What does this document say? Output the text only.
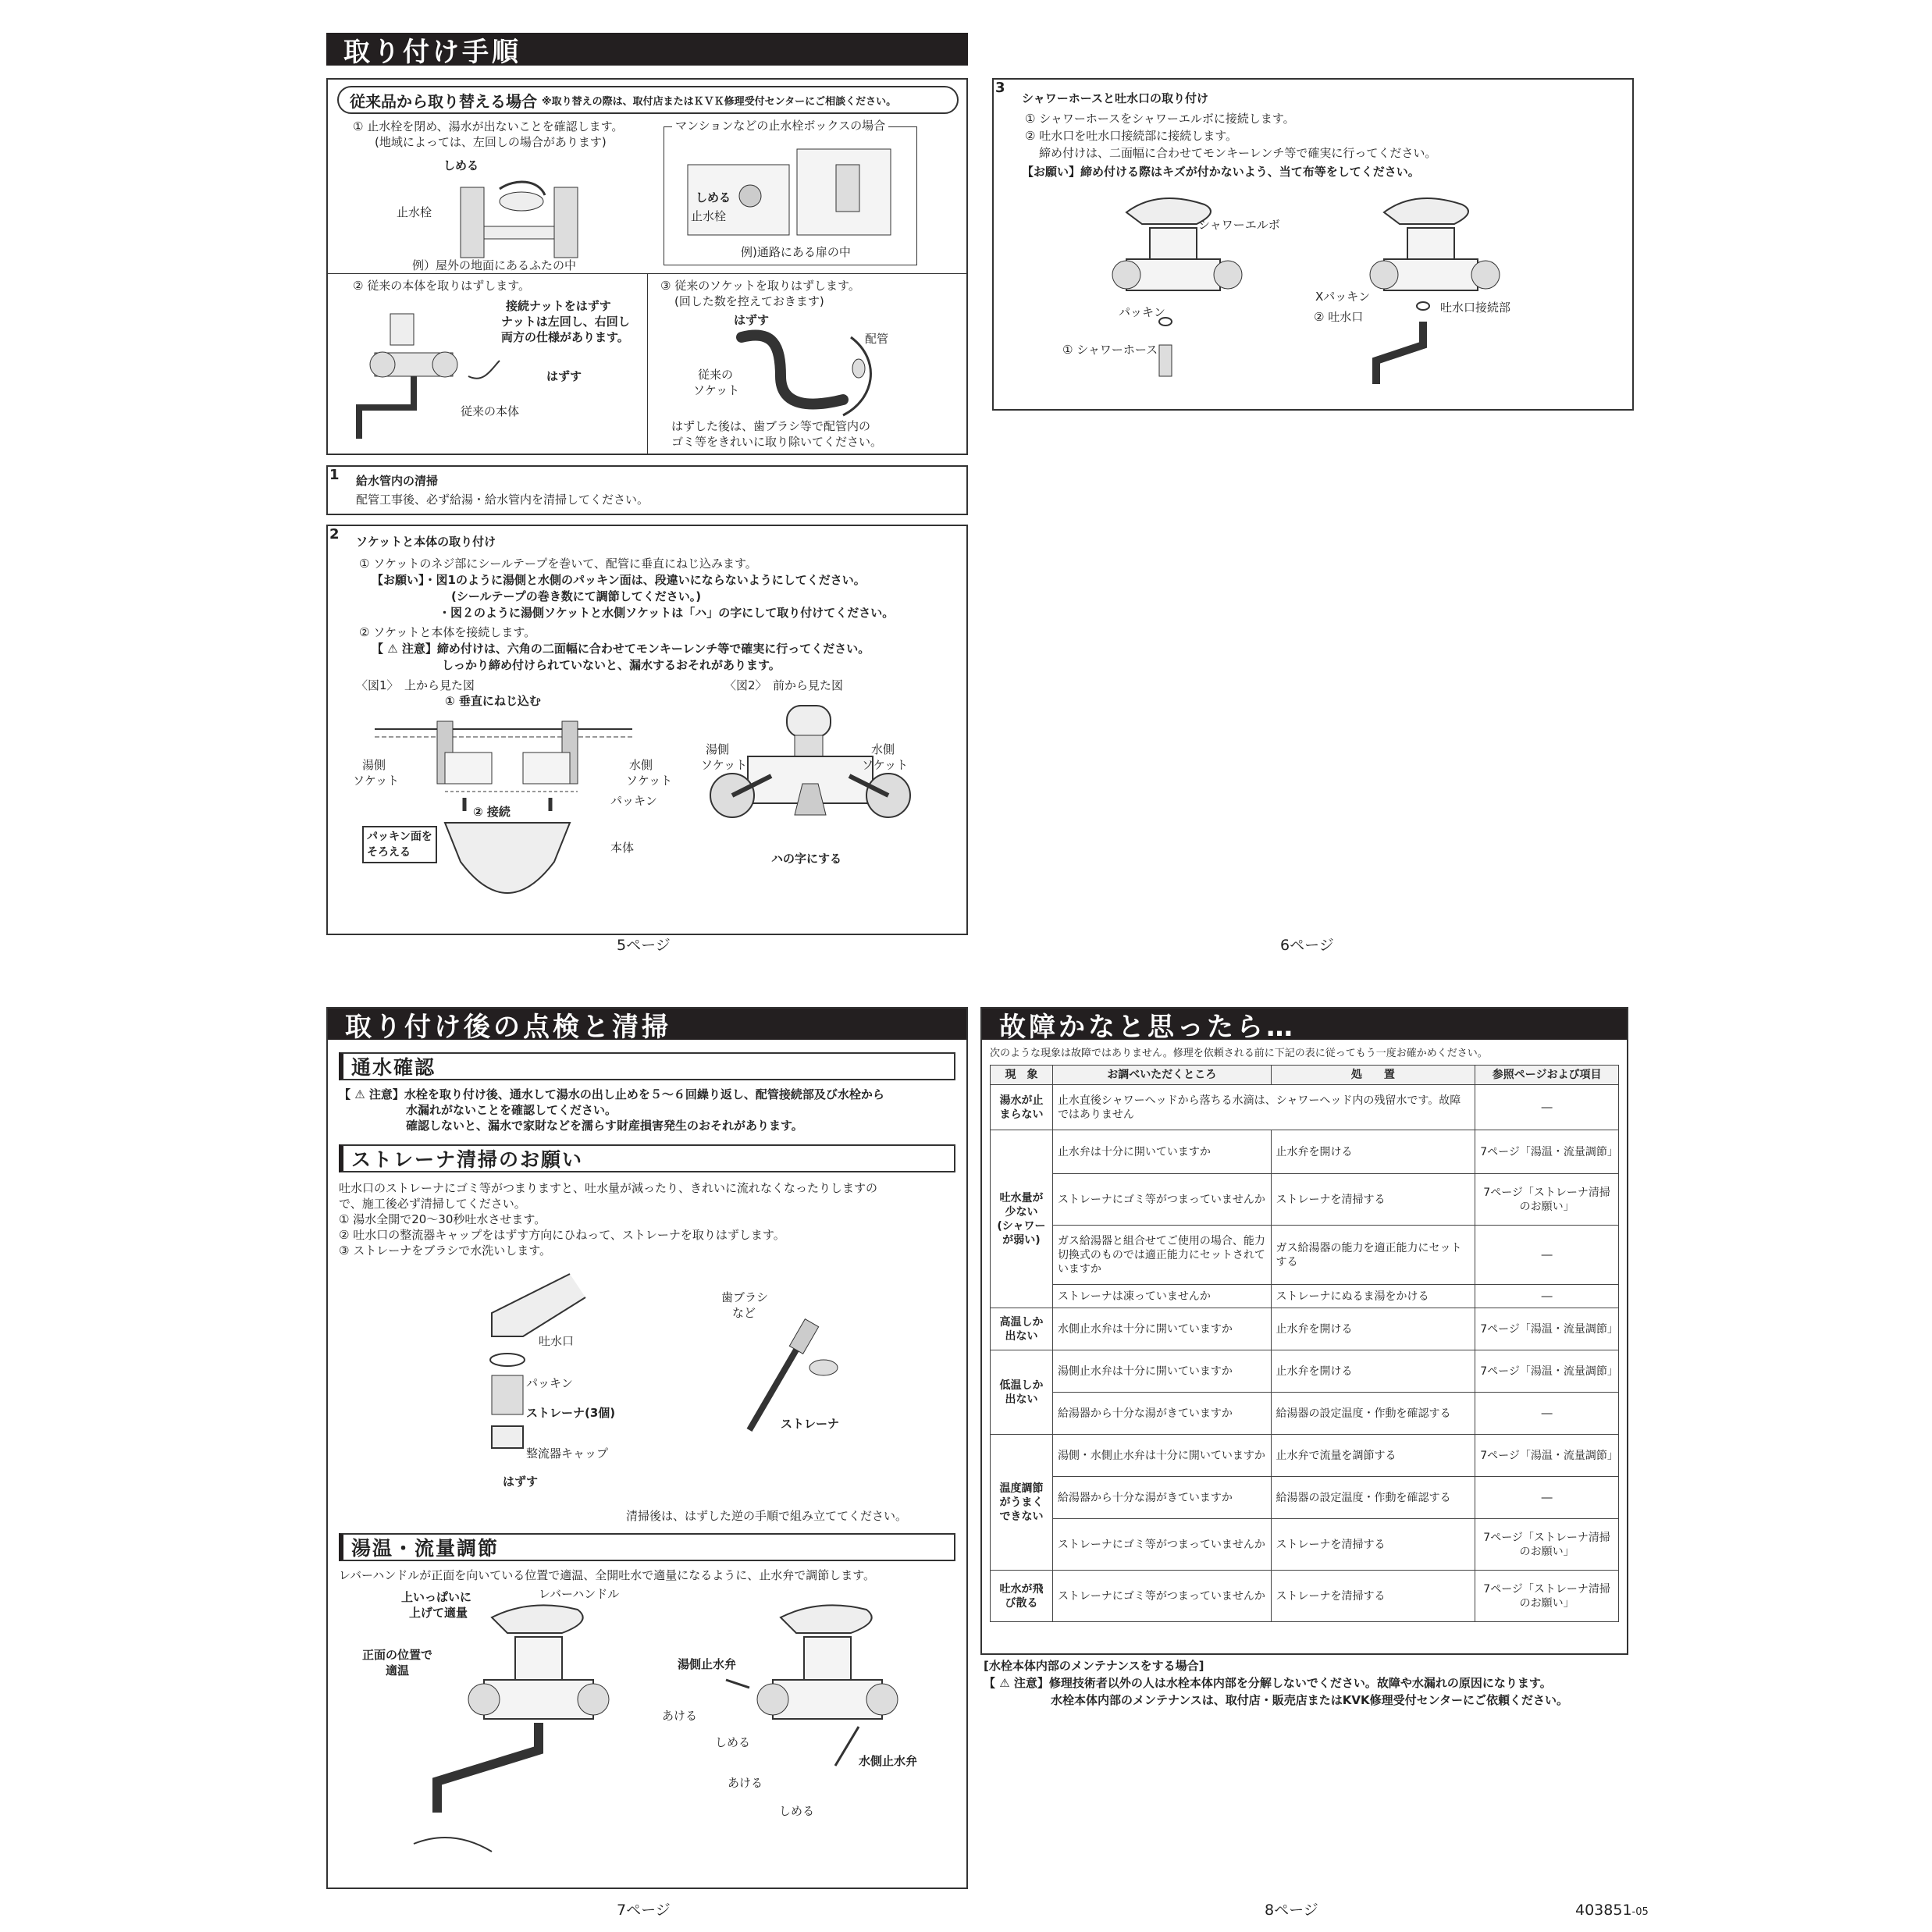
取り付け手順
従来品から取り替える場合 ※取り替えの際は、取付店またはＫＶＫ修理受付センターにご相談ください。
① 止水栓を閉め、湯水が出ないことを確認します。
(地域によっては、左回しの場合があります)
しめる
止水栓
例）屋外の地面にあるふたの中
マンションなどの止水栓ボックスの場合
しめる
止水栓
例)通路にある扉の中
② 従来の本体を取りはずします。
接続ナットをはずす
ナットは左回し、右回し
両方の仕様があります。
はずす
従来の本体
③ 従来のソケットを取りはずします。
(回した数を控えておきます)
はずす
配管
従来の
ソケット
はずした後は、歯ブラシ等で配管内の
ゴミ等をきれいに取り除いてください。
1 給水管内の清掃
配管工事後、必ず給湯・給水管内を清掃してください。
2 ソケットと本体の取り付け
① ソケットのネジ部にシールテープを巻いて、配管に垂直にねじ込みます。
【お願い】・図1のように湯側と水側のパッキン面は、段違いにならないようにしてください。
(シールテープの巻き数にて調節してください。)
・図２のように湯側ソケットと水側ソケットは「ハ」の字にして取り付けてください。
② ソケットと本体を接続します。
【 ⚠ 注意】締め付けは、六角の二面幅に合わせてモンキーレンチ等で確実に行ってください。
しっかり締め付けられていないと、漏水するおそれがあります。
〈図1〉　上から見た図
① 垂直にねじ込む
湯側
ソケット
水側
ソケット
パッキン
② 接続
パッキン面を
そろえる	本体
〈図2〉　前から見た図
湯側
ソケット
水側
ソケット
ハの字にする
5ページ
3
シャワーホースと吐水口の取り付け
① シャワーホースをシャワーエルボに接続します。
② 吐水口を吐水口接続部に接続します。
締め付けは、二面幅に合わせてモンキーレンチ等で確実に行ってください。
【お願い】締め付ける際はキズが付かないよう、当て布等をしてください。
シャワーエルボ
パッキン
① シャワーホース
Xパッキン
② 吐水口
吐水口接続部
6ページ
取り付け後の点検と清掃
通水確認
【 ⚠ 注意】水栓を取り付け後、通水して湯水の出し止めを５～６回繰り返し、配管接続部及び水栓から
水漏れがないことを確認してください。
確認しないと、漏水で家財などを濡らす財産損害発生のおそれがあります。
ストレーナ清掃のお願い
吐水口のストレーナにゴミ等がつまりますと、吐水量が減ったり、きれいに流れなくなったりしますの
で、施工後必ず清掃してください。
① 湯水全開で20～30秒吐水させます。
② 吐水口の整流器キャップをはずす方向にひねって、ストレーナを取りはずします。
③ ストレーナをブラシで水洗いします。
吐水口
パッキン
ストレーナ(3個)
整流器キャップ
はずす
歯ブラシ
など
ストレーナ
清掃後は、はずした逆の手順で組み立ててください。
湯温・流量調節
レバーハンドルが正面を向いている位置で適温、全開吐水で適量になるように、止水弁で調節します。
上いっぱいに
上げて適量
レバーハンドル
正面の位置で
適温	湯側止水弁
あける
しめる
あける
しめる
水側止水弁
7ページ
故障かなと思ったら…
次のような現象は故障ではありません。修理を依頼される前に下記の表に従ってもう一度お確かめください。
現　象	お調べいただくところ	処　　置	参照ページおよび項目
湯水が止まらない	止水直後シャワーヘッドから落ちる水滴は、シャワーヘッド内の残留水です。故障ではありません		―
吐水量が少ない　(シャワーが弱い)	止水弁は十分に開いていますか	止水弁を開ける	7ページ「湯温・流量調節」
	ストレーナにゴミ等がつまっていませんか	ストレーナを清掃する	7ページ「ストレーナ清掃のお願い」
	ガス給湯器と組合せてご使用の場合、能力切換式のものでは適正能力にセットされていますか	ガス給湯器の能力を適正能力にセットする	―
	ストレーナは凍っていませんか	ストレーナにぬるま湯をかける	―
高温しか出ない	水側止水弁は十分に開いていますか	止水弁を開ける	7ページ「湯温・流量調節」
低温しか出ない	湯側止水弁は十分に開いていますか	止水弁を開ける	7ページ「湯温・流量調節」
	給湯器から十分な湯がきていますか	給湯器の設定温度・作動を確認する	―
温度調節がうまくできない	湯側・水側止水弁は十分に開いていますか	止水弁で流量を調節する	7ページ「湯温・流量調節」
	給湯器から十分な湯がきていますか	給湯器の設定温度・作動を確認する	―
	ストレーナにゴミ等がつまっていませんか	ストレーナを清掃する	7ページ「ストレーナ清掃のお願い」
吐水が飛び散る	ストレーナにゴミ等がつまっていませんか	ストレーナを清掃する	7ページ「ストレーナ清掃のお願い」
[水栓本体内部のメンテナンスをする場合]
【 ⚠ 注意】修理技術者以外の人は水栓本体内部を分解しないでください。故障や水漏れの原因になります。
水栓本体内部のメンテナンスは、取付店・販売店またはKVK修理受付センターにご依頼ください。
8ページ	403851-05
